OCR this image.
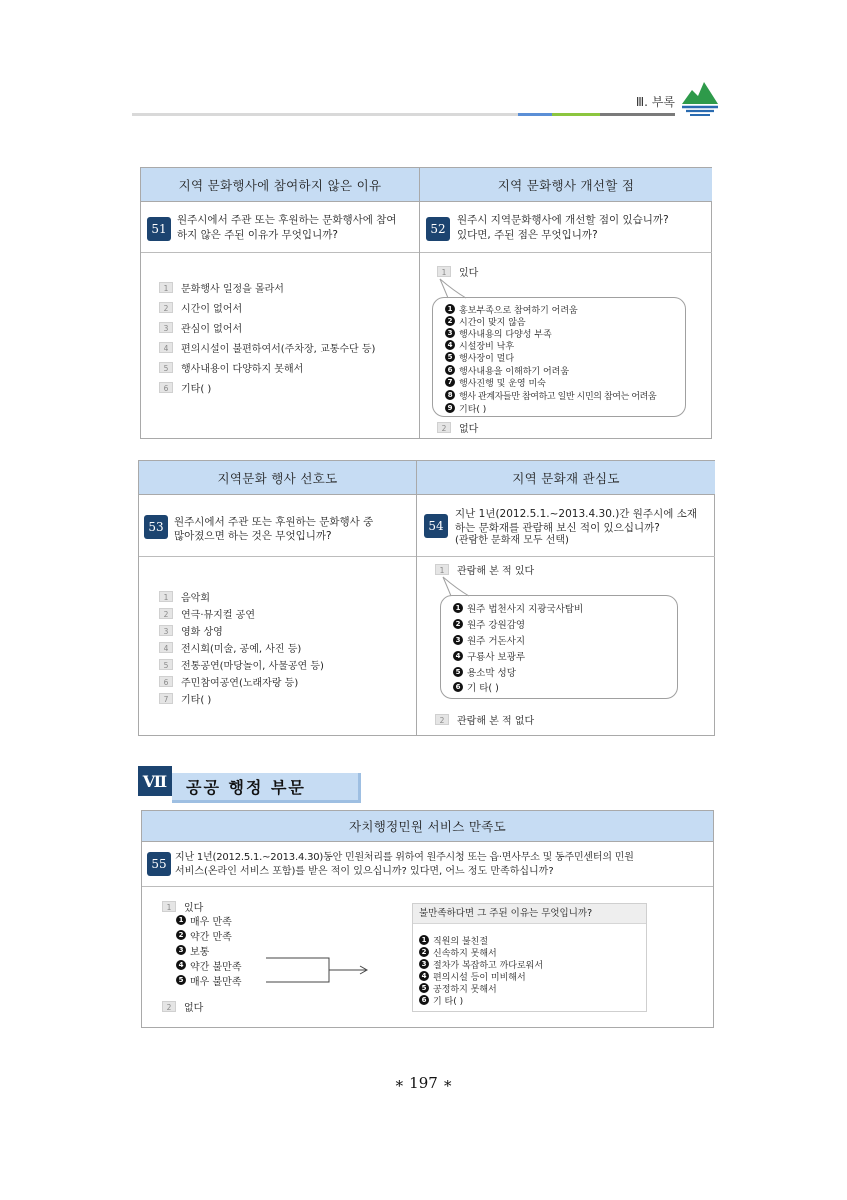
Ⅲ. 부록
지역 문화행사에 참여하지 않은 이유	지역 문화행사 개선할 점
51
원주시에서 주관 또는 후원하는 문화행사에 참여
하지 않은 주된 이유가 무엇입니까?
1	문화행사 일정을 몰라서
2	시간이 없어서
3	관심이 없어서
4	편의시설이 불편하여서(주차장, 교통수단 등)
5	행사내용이 다양하지 못해서
6	기타( )
52
원주시 지역문화행사에 개선할 점이 있습니까?
있다면, 주된 점은 무엇입니까?
1	있다
1 홍보부족으로 참여하기 어려움
2 시간이 맞지 않음
3 행사내용의 다양성 부족
4 시설장비 낙후
5 행사장이 멀다
6 행사내용을 이해하기 어려움
7 행사진행 및 운영 미숙
8 행사 관계자들만 참여하고 일반 시민의 참여는 어려움
9 기타( )
2	없다
지역문화 행사 선호도	지역 문화재 관심도
53 원주시에서 주관 또는 후원하는 문화행사 중
많아졌으면 하는 것은 무엇입니까?
1	음악회
2	연극·뮤지컬 공연
3	영화 상영
4	전시회(미술, 공예, 사진 등)
5	전통공연(마당놀이, 사물공연 등)
6	주민참여공연(노래자랑 등)
7	기타( )
54
지난 1년(2012.5.1.~2013.4.30.)간 원주시에 소재
하는 문화재를 관람해 보신 적이 있으십니까?
(관람한 문화재 모두 선택)
1	관람해 본 적 있다
1 원주 법천사지 지광국사탑비
2 원주 강원감영
3 원주 거돈사지
4 구룡사 보광루
5 용소막 성당
6 기 타( )
2	관람해 본 적 없다
Ⅶ	공공 행정 부문
자치행정민원 서비스 만족도
55 지난 1년(2012.5.1.~2013.4.30)동안 민원처리를 위하여 원주시청 또는 읍·면사무소 및 동주민센터의 민원
서비스(온라인 서비스 포함)를 받은 적이 있으십니까? 있다면, 어느 정도 만족하십니까?
1	있다
1 매우 만족
2 약간 만족
3 보통
4 약간 불만족
5 매우 불만족
2	없다
불만족하다면 그 주된 이유는 무엇입니까?
1 직원의 불친절
2 신속하지 못해서
3 절차가 복잡하고 까다로워서
4 편의시설 등이 미비해서
5 공정하지 못해서
6 기 타( )
∗ 197 ∗
